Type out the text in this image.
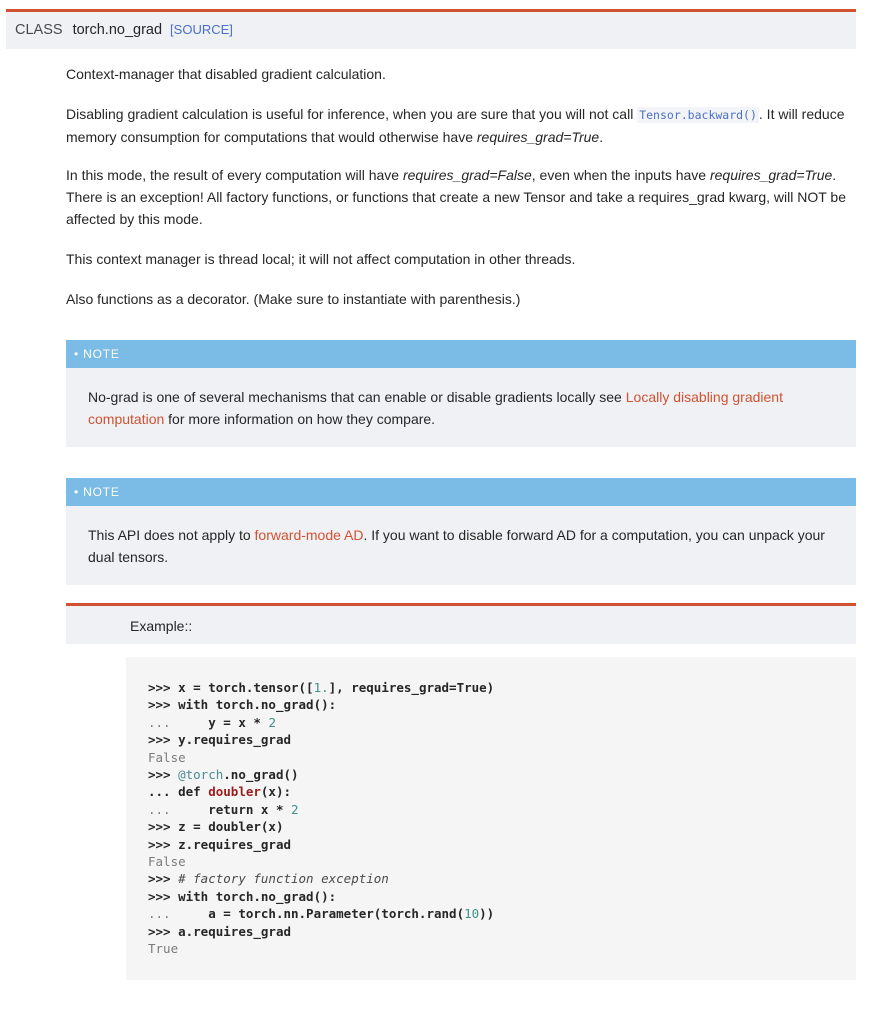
CLASS torch.no_grad [SOURCE]

Context-manager that disabled gradient calculation.

Disabling gradient calculation is useful for inference, when you are sure that you will not call Tensor.backward() . It will reduce memory consumption for computations that would otherwise have requires_grad=True.

In this mode, the result of every computation will have requires_grad=False, even when the inputs have requires_grad=True. There is an exception! All factory functions, or functions that create a new Tensor and take a requires_grad kwarg, will NOT be affected by this mode.

This context manager is thread local; it will not affect computation in other threads.

Also functions as a decorator. (Make sure to instantiate with parenthesis.)

• NOTE
No-grad is one of several mechanisms that can enable or disable gradients locally see Locally disabling gradient computation for more information on how they compare.
• NOTE
This API does not apply to forward-mode AD. If you want to disable forward AD for a computation, you can unpack your dual tensors.
Example::
>>> x = torch.tensor([1.], requires_grad=True)
>>> with torch.no_grad():
...     y = x * 2
>>> y.requires_grad
False
>>> @torch.no_grad()
... def doubler(x):
...     return x * 2
>>> z = doubler(x)
>>> z.requires_grad
False
>>> # factory function exception
>>> with torch.no_grad():
...     a = torch.nn.Parameter(torch.rand(10))
>>> a.requires_grad
True
